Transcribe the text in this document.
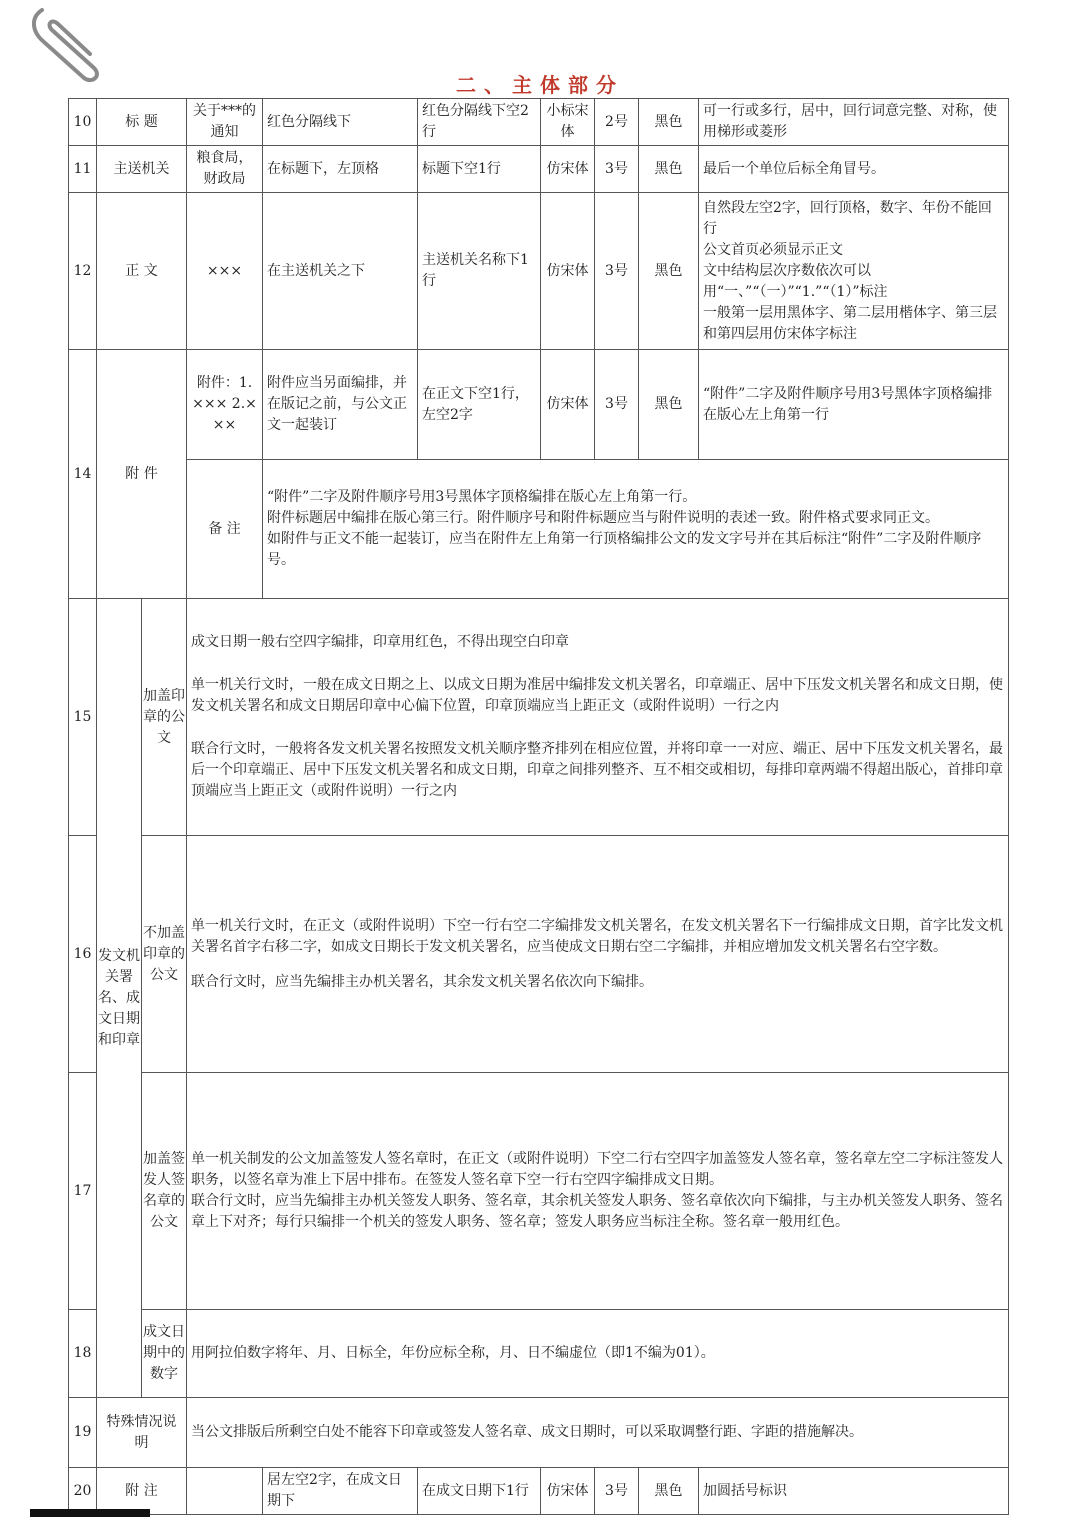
二、主体部分
10	标 题		关于***的通知	红色分隔线下	红色分隔线下空2行	小标宋体	2号	黑色	可一行或多行，居中，回行词意完整、对称，使用梯形或菱形
11	主送机关		粮食局，财政局	在标题下，左顶格	标题下空1行	仿宋体	3号	黑色	最后一个单位后标全角冒号。
12	正 文		×××	在主送机关之下	主送机关名称下1行	仿宋体	3号	黑色	自然段左空2字，回行顶格，数字、年份不能回行
公文首页必须显示正文
文中结构层次序数依次可以用“一、”“（一）”“1.”“（1）”标注
一般第一层用黑体字、第二层用楷体字、第三层和第四层用仿宋体字标注

14	附 件		附件：1.××× 2.×××	附件应当另面编排，并在版记之前，与公文正文一起装订	在正文下空1行，左空2字	仿宋体	3号	黑色	“附件”二字及附件顺序号用3号黑体字顶格编排在版心左上角第一行
			备 注	“附件”二字及附件顺序号用3号黑体字顶格编排在版心左上角第一行。
附件标题居中编排在版心第三行。附件顺序号和附件标题应当与附件说明的表述一致。附件格式要求同正文。
如附件与正文不能一起装订，应当在附件左上角第一行顶格编排公文的发文字号并在其后标注“附件”二字及附件顺序号。					

15	发文机关署名、成文日期和印章	加盖印章的公文	成文日期一般右空四字编排，印章用红色，不得出现空白印章
单一机关行文时，一般在成文日期之上、以成文日期为准居中编排发文机关署名，印章端正、居中下压发文机关署名和成文日期，使发文机关署名和成文日期居印章中心偏下位置，印章顶端应当上距正文（或附件说明）一行之内
联合行文时，一般将各发文机关署名按照发文机关顺序整齐排列在相应位置，并将印章一一对应、端正、居中下压发文机关署名，最后一个印章端正、居中下压发文机关署名和成文日期，印章之间排列整齐、互不相交或相切，每排印章两端不得超出版心，首排印章顶端应当上距正文（或附件说明）一行之内						

16		不加盖印章的公文	单一机关行文时，在正文（或附件说明）下空一行右空二字编排发文机关署名，在发文机关署名下一行编排成文日期，首字比发文机关署名首字右移二字，如成文日期长于发文机关署名，应当使成文日期右空二字编排，并相应增加发文机关署名右空字数。
联合行文时，应当先编排主办机关署名，其余发文机关署名依次向下编排。						

17		加盖签发人签名章的公文	单一机关制发的公文加盖签发人签名章时，在正文（或附件说明）下空二行右空四字加盖签发人签名章，签名章左空二字标注签发人职务，以签名章为准上下居中排布。在签发人签名章下空一行右空四字编排成文日期。
联合行文时，应当先编排主办机关签发人职务、签名章，其余机关签发人职务、签名章依次向下编排，与主办机关签发人职务、签名章上下对齐；每行只编排一个机关的签发人职务、签名章；签发人职务应当标注全称。签名章一般用红色。						

18		成文日期中的数字	用阿拉伯数字将年、月、日标全，年份应标全称，月、日不编虚位（即1不编为01）。						
19	特殊情况说明		当公文排版后所剩空白处不能容下印章或签发人签名章、成文日期时，可以采取调整行距、字距的措施解决。						
20	附 注			居左空2字，在成文日期下	在成文日期下1行	仿宋体	3号	黑色	加圆括号标识
